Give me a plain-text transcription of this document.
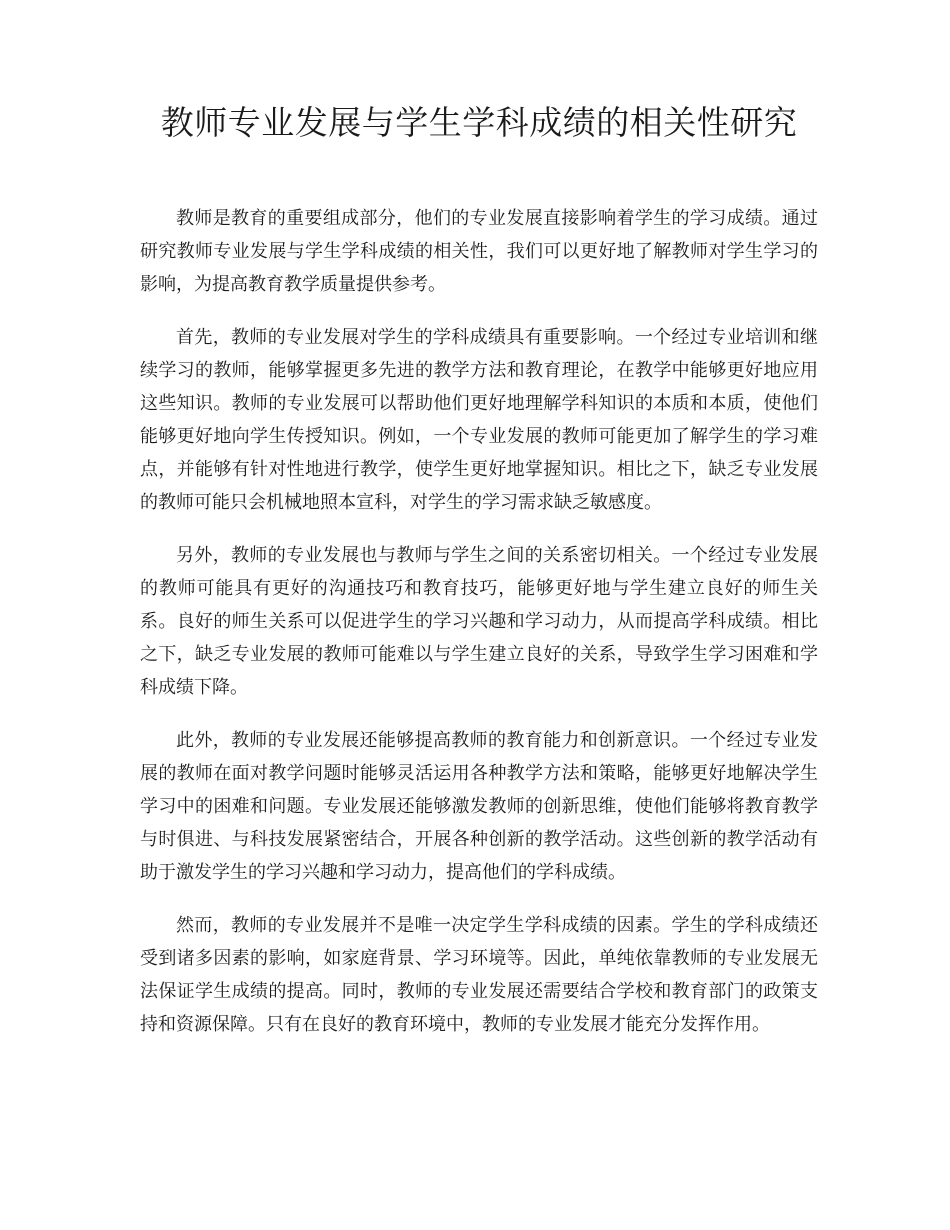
教师专业发展与学生学科成绩的相关性研究

教师是教育的重要组成部分，他们的专业发展直接影响着学生的学习成绩。通过研究教师专业发展与学生学科成绩的相关性，我们可以更好地了解教师对学生学习的影响，为提高教育教学质量提供参考。

首先，教师的专业发展对学生的学科成绩具有重要影响。一个经过专业培训和继续学习的教师，能够掌握更多先进的教学方法和教育理论，在教学中能够更好地应用这些知识。教师的专业发展可以帮助他们更好地理解学科知识的本质和本质，使他们能够更好地向学生传授知识。例如，一个专业发展的教师可能更加了解学生的学习难点，并能够有针对性地进行教学，使学生更好地掌握知识。相比之下，缺乏专业发展的教师可能只会机械地照本宣科，对学生的学习需求缺乏敏感度。

另外，教师的专业发展也与教师与学生之间的关系密切相关。一个经过专业发展的教师可能具有更好的沟通技巧和教育技巧，能够更好地与学生建立良好的师生关系。良好的师生关系可以促进学生的学习兴趣和学习动力，从而提高学科成绩。相比之下，缺乏专业发展的教师可能难以与学生建立良好的关系，导致学生学习困难和学科成绩下降。

此外，教师的专业发展还能够提高教师的教育能力和创新意识。一个经过专业发展的教师在面对教学问题时能够灵活运用各种教学方法和策略，能够更好地解决学生学习中的困难和问题。专业发展还能够激发教师的创新思维，使他们能够将教育教学与时俱进、与科技发展紧密结合，开展各种创新的教学活动。这些创新的教学活动有助于激发学生的学习兴趣和学习动力，提高他们的学科成绩。

然而，教师的专业发展并不是唯一决定学生学科成绩的因素。学生的学科成绩还受到诸多因素的影响，如家庭背景、学习环境等。因此，单纯依靠教师的专业发展无法保证学生成绩的提高。同时，教师的专业发展还需要结合学校和教育部门的政策支持和资源保障。只有在良好的教育环境中，教师的专业发展才能充分发挥作用。
